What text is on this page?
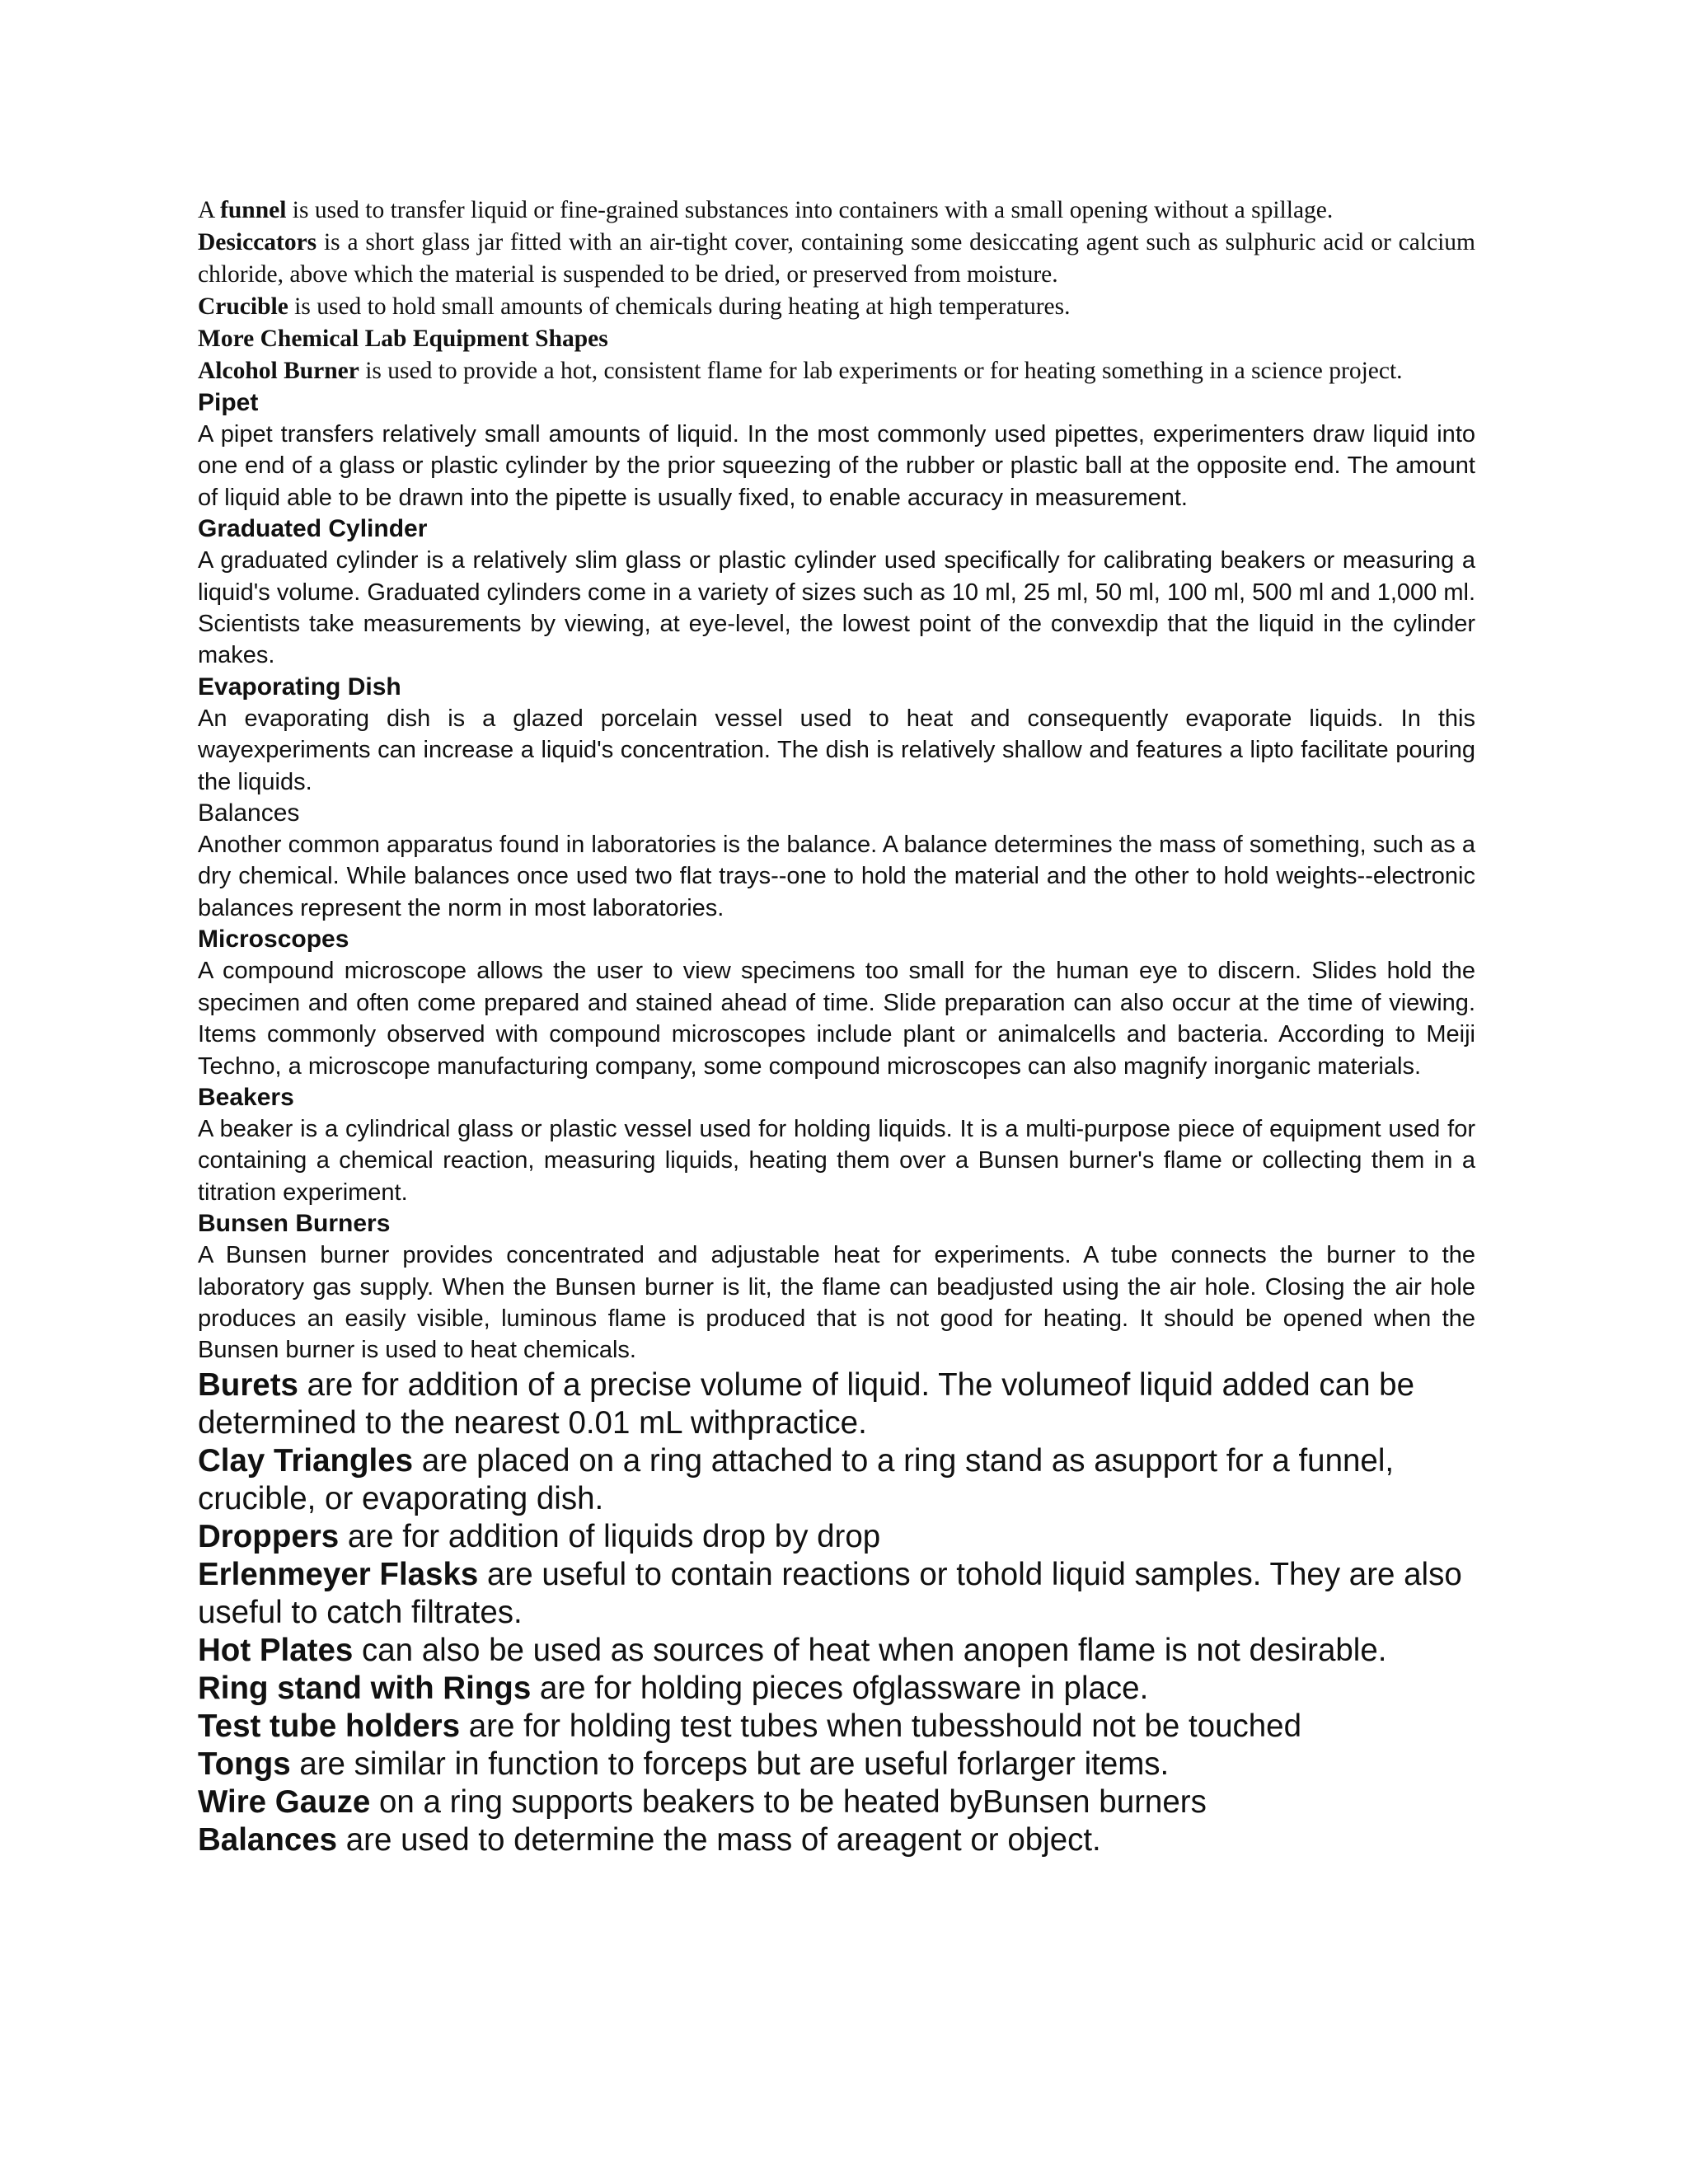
A funnel is used to transfer liquid or fine-grained substances into containers with a small opening without a spillage.

Desiccators is a short glass jar fitted with an air-tight cover, containing some desiccating agent such as sulphuric acid or calcium chloride, above which the material is suspended to be dried, or preserved from moisture.

Crucible is used to hold small amounts of chemicals during heating at high temperatures.

More Chemical Lab Equipment Shapes

Alcohol Burner is used to provide a hot, consistent flame for lab experiments or for heating something in a science project.

Pipet

A pipet transfers relatively small amounts of liquid. In the most commonly used pipettes, experimenters draw liquid into one end of a glass or plastic cylinder by the prior squeezing of the rubber or plastic ball at the opposite end. The amount of liquid able to be drawn into the pipette is usually fixed, to enable accuracy in measurement.

Graduated Cylinder

A graduated cylinder is a relatively slim glass or plastic cylinder used specifically for calibrating beakers or measuring a liquid's volume. Graduated cylinders come in a variety of sizes such as 10 ml, 25 ml, 50 ml, 100 ml, 500 ml and 1,000 ml. Scientists take measurements by viewing, at eye-level, the lowest point of the convexdip that the liquid in the cylinder makes.

Evaporating Dish

An evaporating dish is a glazed porcelain vessel used to heat and consequently evaporate liquids. In this wayexperiments can increase a liquid's concentration. The dish is relatively shallow and features a lipto facilitate pouring the liquids.

Balances

Another common apparatus found in laboratories is the balance. A balance determines the mass of something, such as a dry chemical. While balances once used two flat trays--one to hold the material and the other to hold weights--electronic balances represent the norm in most laboratories.

Microscopes

A compound microscope allows the user to view specimens too small for the human eye to discern. Slides hold the specimen and often come prepared and stained ahead of time. Slide preparation can also occur at the time of viewing. Items commonly observed with compound microscopes include plant or animalcells and bacteria. According to Meiji Techno, a microscope manufacturing company, some compound microscopes can also magnify inorganic materials.

Beakers

A beaker is a cylindrical glass or plastic vessel used for holding liquids. It is a multi-purpose piece of equipment used for containing a chemical reaction, measuring liquids, heating them over a Bunsen burner's flame or collecting them in a titration experiment.

Bunsen Burners

A Bunsen burner provides concentrated and adjustable heat for experiments. A tube connects the burner to the laboratory gas supply. When the Bunsen burner is lit, the flame can beadjusted using the air hole. Closing the air hole produces an easily visible, luminous flame is produced that is not good for heating. It should be opened when the Bunsen burner is used to heat chemicals.

Burets are for addition of a precise volume of liquid. The volumeof liquid added can be determined to the nearest 0.01 mL withpractice.

Clay Triangles are placed on a ring attached to a ring stand as asupport for a funnel, crucible, or evaporating dish.

Droppers are for addition of liquids drop by drop

Erlenmeyer Flasks are useful to contain reactions or tohold liquid samples. They are also useful to catch filtrates.

Hot Plates can also be used as sources of heat when anopen flame is not desirable.

Ring stand with Rings are for holding pieces ofglassware in place.

Test tube holders are for holding test tubes when tubesshould not be touched

Tongs are similar in function to forceps but are useful forlarger items.

Wire Gauze on a ring supports beakers to be heated byBunsen burners

Balances are used to determine the mass of areagent or object.
